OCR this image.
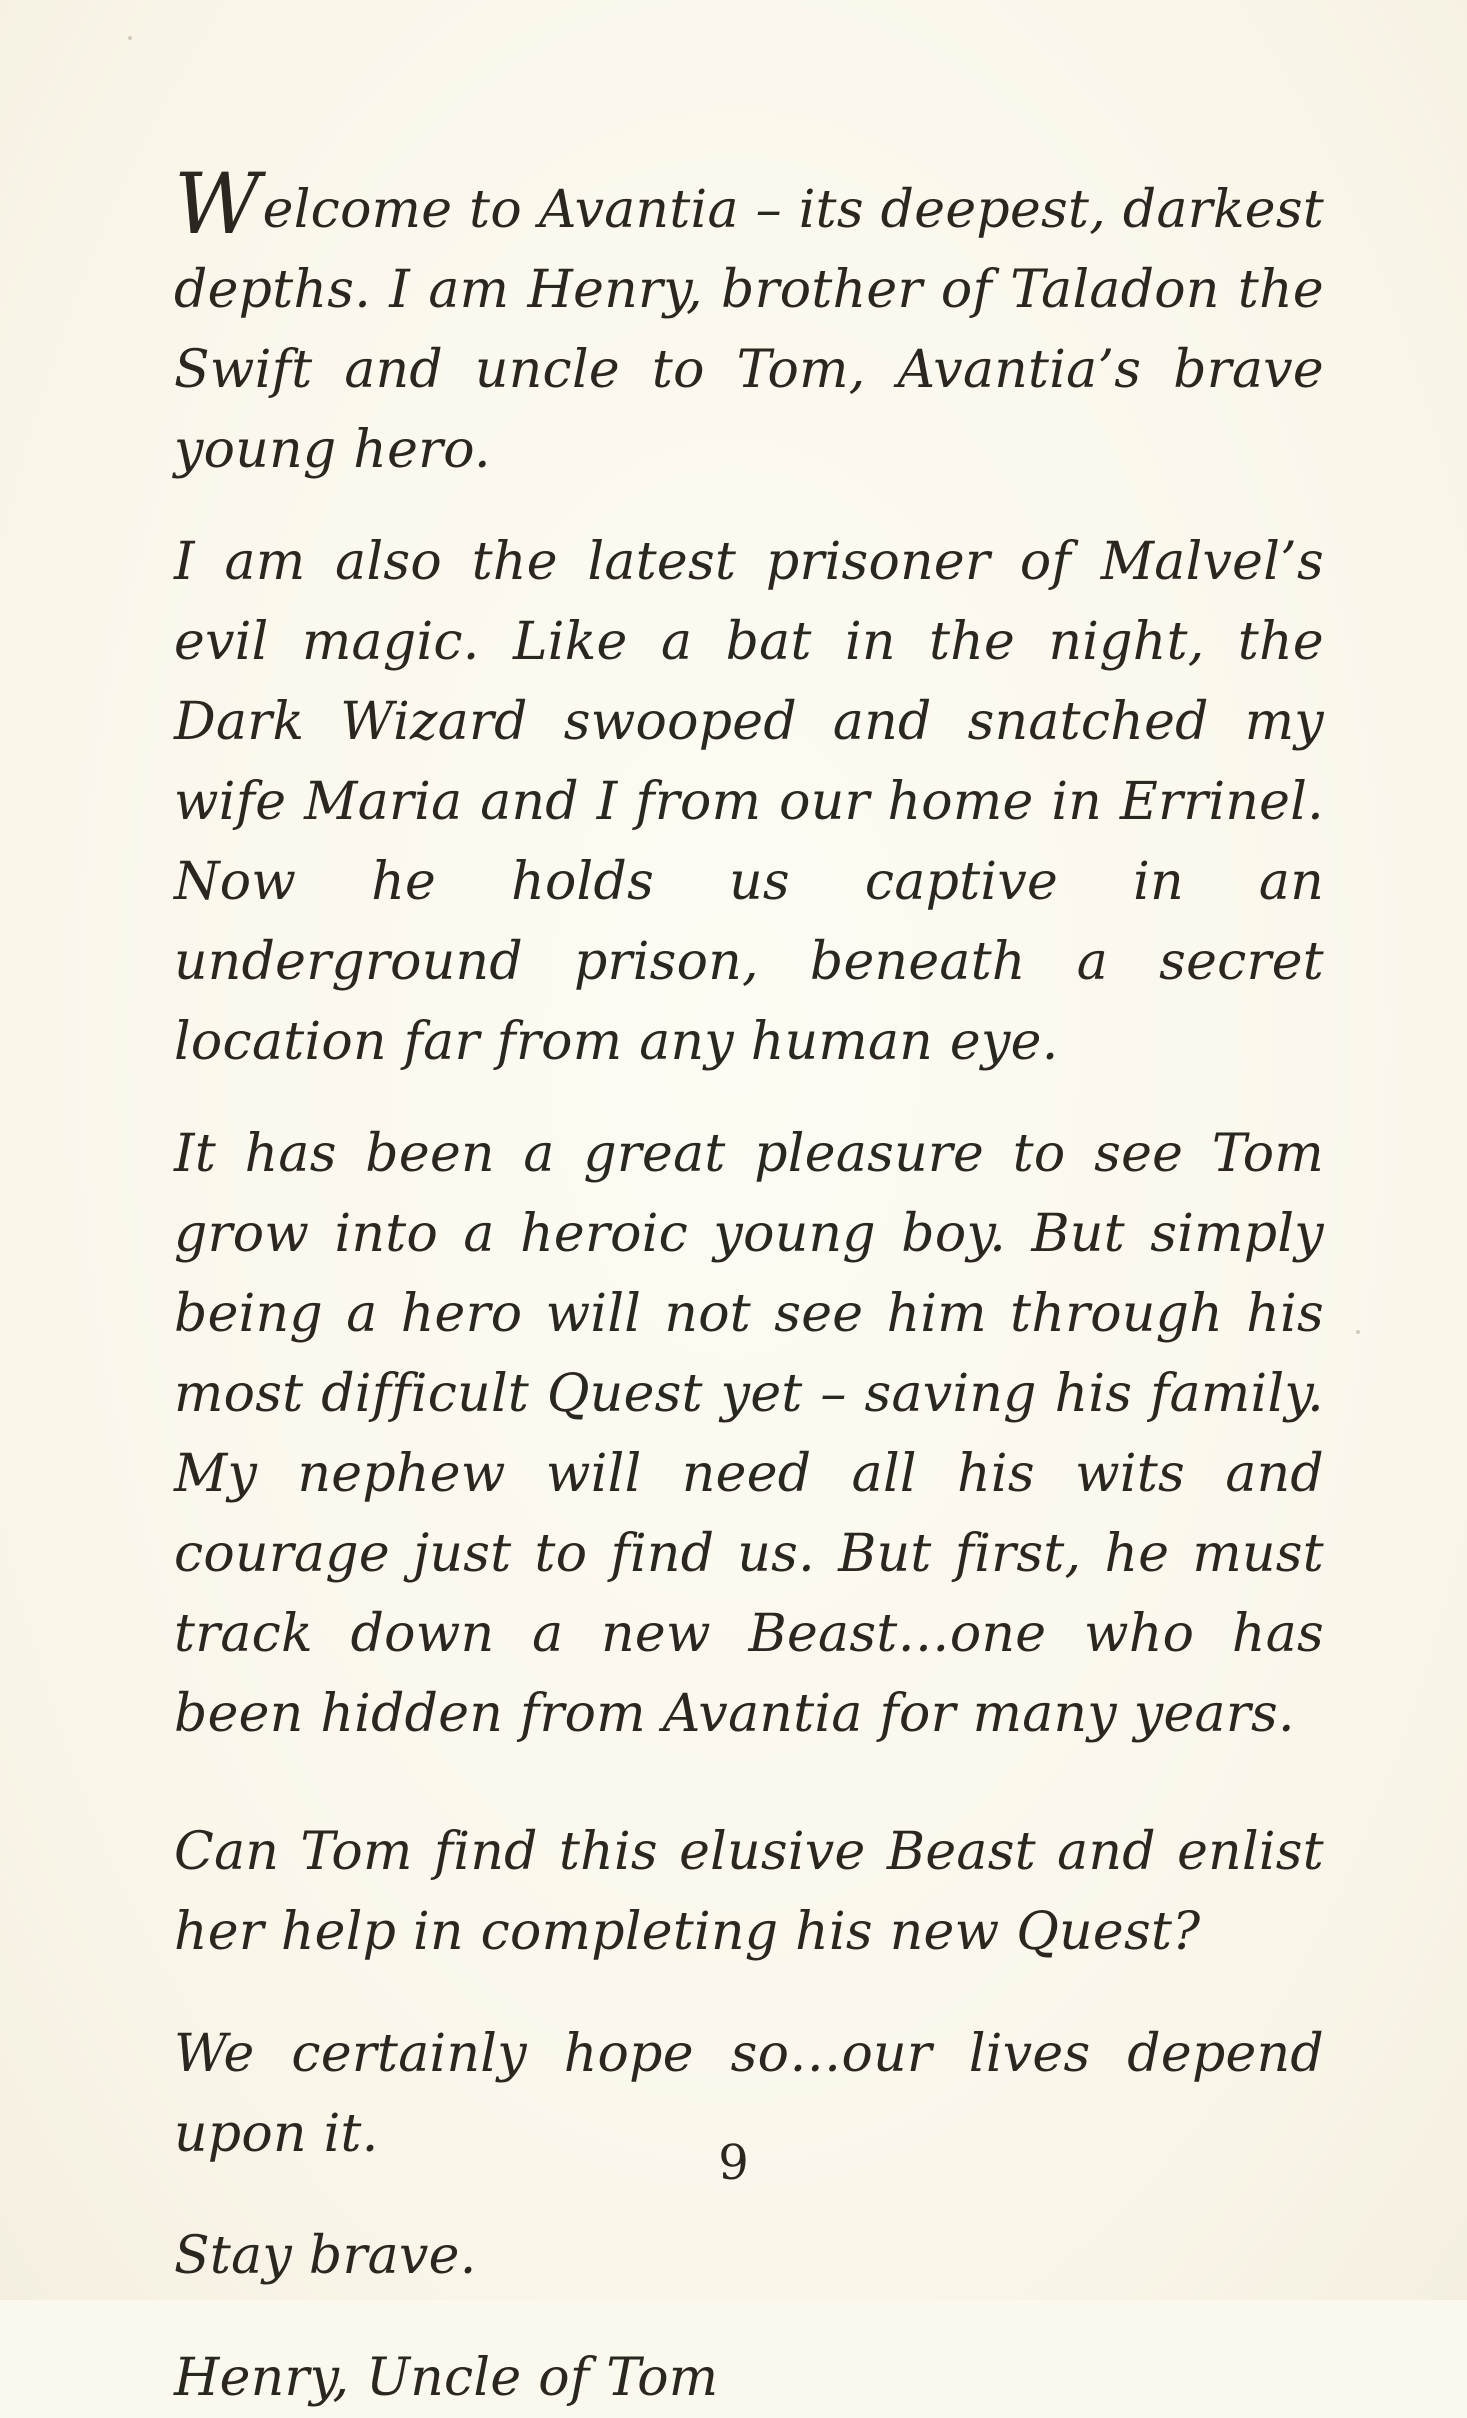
Welcome to Avantia – its deepest, darkest depths. I am Henry, brother of Taladon the Swift and uncle to Tom, Avantia’s brave young hero.

I am also the latest prisoner of Malvel’s evil magic. Like a bat in the night, the Dark Wizard swooped and snatched my wife Maria and I from our home in Errinel. Now he holds us captive in an underground prison, beneath a secret location far from any human eye.

It has been a great pleasure to see Tom grow into a heroic young boy. But simply being a hero will not see him through his most difficult Quest yet – saving his family. My nephew will need all his wits and courage just to find us. But first, he must track down a new Beast…one who has been hidden from Avantia for many years.

Can Tom find this elusive Beast and enlist her help in completing his new Quest?

We certainly hope so…our lives depend upon it.

Stay brave.

Henry, Uncle of Tom

9
